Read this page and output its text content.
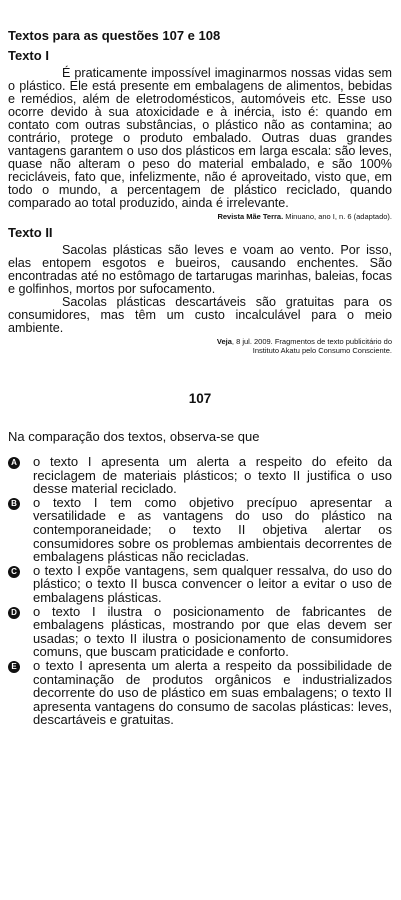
Textos para as questões 107 e 108
Texto I

É praticamente impossível imaginarmos nossas vidas sem o plástico. Ele está presente em embalagens de alimentos, bebidas e remédios, além de eletrodomésticos, automóveis etc. Esse uso ocorre devido à sua atoxicidade e à inércia, isto é: quando em contato com outras substâncias, o plástico não as contamina; ao contrário, protege o produto embalado. Outras duas grandes vantagens garantem o uso dos plásticos em larga escala: são leves, quase não alteram o peso do material embalado, e são 100% recicláveis, fato que, infelizmente, não é aproveitado, visto que, em todo o mundo, a percentagem de plástico reciclado, quando comparado ao total produzido, ainda é irrelevante.

Revista Mãe Terra. Minuano, ano I, n. 6 (adaptado).
Texto II

Sacolas plásticas são leves e voam ao vento. Por isso, elas entopem esgotos e bueiros, causando enchentes. São encontradas até no estômago de tartarugas marinhas, baleias, focas e golfinhos, mortos por sufocamento.

Sacolas plásticas descartáveis são gratuitas para os consumidores, mas têm um custo incalculável para o meio ambiente.

Veja, 8 jul. 2009. Fragmentos de texto publicitário do
Instituto Akatu pelo Consumo Consciente.
107
Na comparação dos textos, observa-se que
A o texto I apresenta um alerta a respeito do efeito da reciclagem de materiais plásticos; o texto II justifica o uso desse material reciclado.
B o texto I tem como objetivo precípuo apresentar a versatilidade e as vantagens do uso do plástico na contemporaneidade; o texto II objetiva alertar os consumidores sobre os problemas ambientais decorrentes de embalagens plásticas não recicladas.
C o texto I expõe vantagens, sem qualquer ressalva, do uso do plástico; o texto II busca convencer o leitor a evitar o uso de embalagens plásticas.
D o texto I ilustra o posicionamento de fabricantes de embalagens plásticas, mostrando por que elas devem ser usadas; o texto II ilustra o posicionamento de consumidores comuns, que buscam praticidade e conforto.
E o texto I apresenta um alerta a respeito da possibilidade de contaminação de produtos orgânicos e industrializados decorrente do uso de plástico em suas embalagens; o texto II apresenta vantagens do consumo de sacolas plásticas: leves, descartáveis e gratuitas.
